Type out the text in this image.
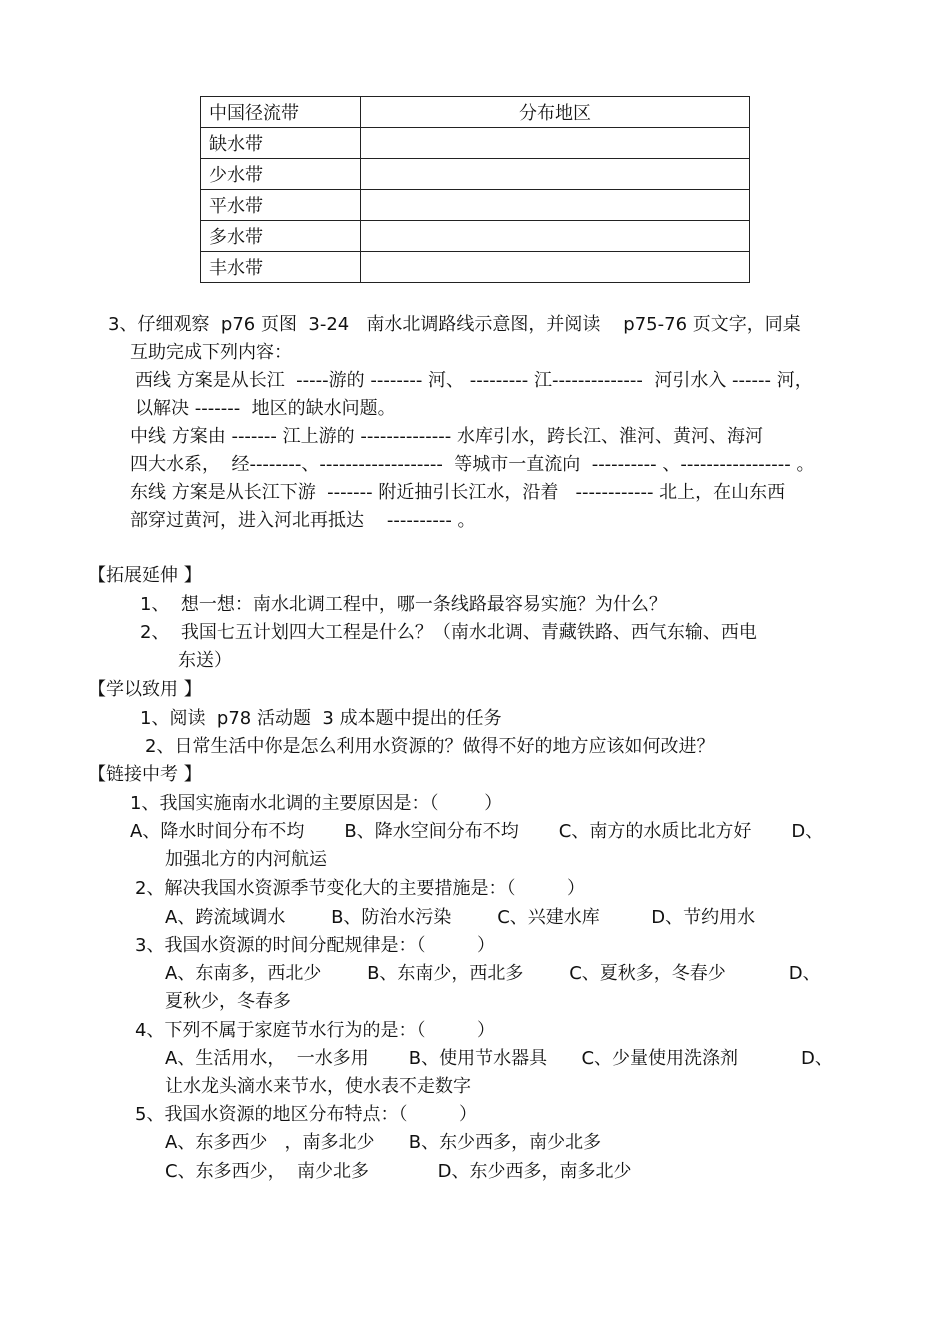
中国径流带	分布地区
缺水带	
少水带	
平水带	
多水带	
丰水带	
3、仔细观察  p76 页图  3-24   南水北调路线示意图，并阅读    p75-76 页文字，同桌
互助完成下列内容：
西线 方案是从长江  -----游的 -------- 河、 --------- 江--------------  河引水入 ------ 河，
以解决 -------  地区的缺水问题。
中线 方案由 ------- 江上游的 -------------- 水库引水，跨长江、淮河、黄河、海河
四大水系，  经--------、-------------------  等城市一直流向  ---------- 、----------------- 。
东线 方案是从长江下游  ------- 附近抽引长江水，沿着   ------------ 北上，在山东西
部穿过黄河，进入河北再抵达    ---------- 。
【拓展延伸 】
1、  想一想：南水北调工程中，哪一条线路最容易实施？为什么？
2、  我国七五计划四大工程是什么？（南水北调、青藏铁路、西气东输、西电
东送）
【学以致用 】
1、阅读  p78 活动题  3 成本题中提出的任务
2、日常生活中你是怎么利用水资源的？做得不好的地方应该如何改进？
【链接中考 】
1、我国实施南水北调的主要原因是：（        ）
A、降水时间分布不均       B、降水空间分布不均       C、南方的水质比北方好       D、
加强北方的内河航运
2、解决我国水资源季节变化大的主要措施是：（         ）
A、跨流域调水        B、防治水污染        C、兴建水库         D、节约用水
3、我国水资源的时间分配规律是：（         ）
A、东南多，西北少        B、东南少，西北多        C、夏秋多，冬春少           D、
夏秋少，冬春多
4、下列不属于家庭节水行为的是：（         ）
A、生活用水，  一水多用       B、使用节水器具      C、少量使用洗涤剂           D、
让水龙头滴水来节水，使水表不走数字
5、我国水资源的地区分布特点：（         ）
A、东多西少   ，南多北少      B、东少西多，南少北多
C、东多西少，  南少北多            D、东少西多，南多北少
